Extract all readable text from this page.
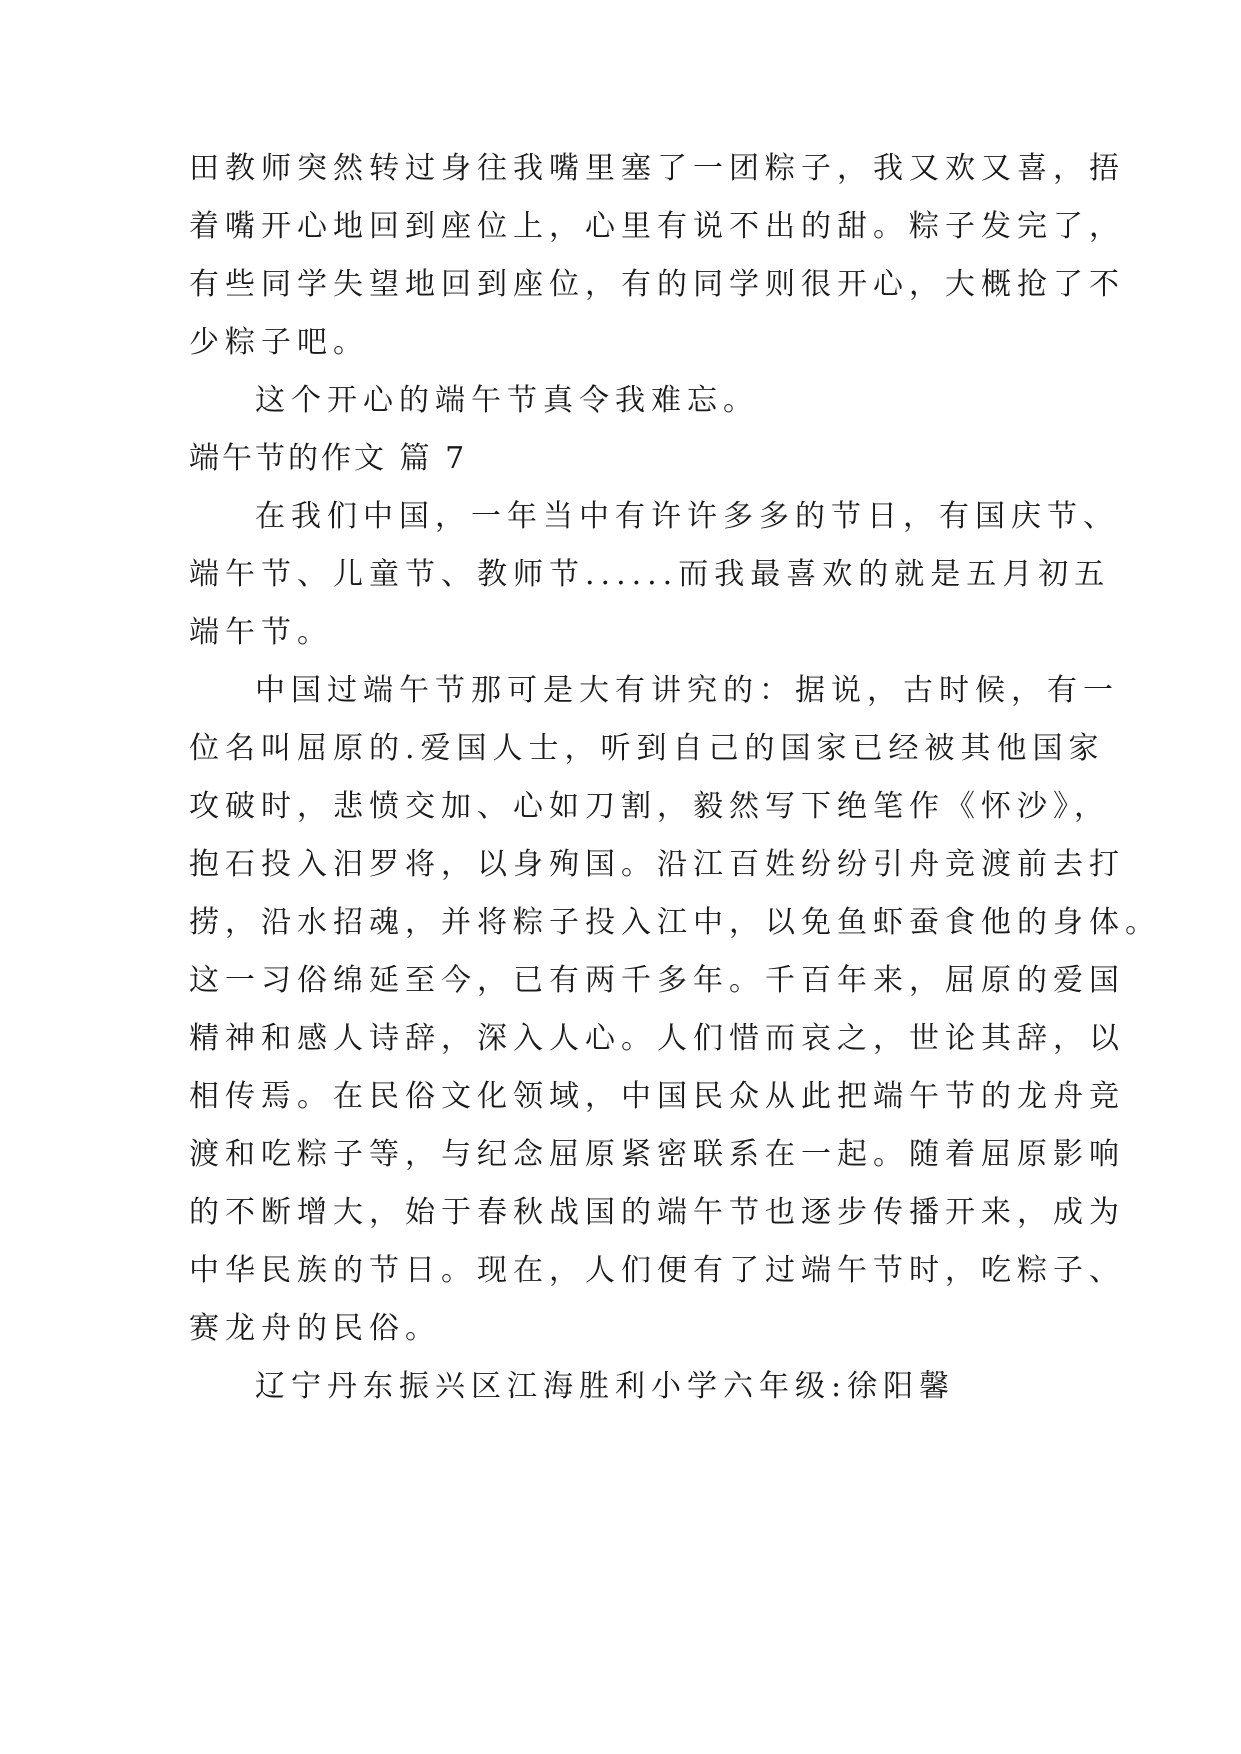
田教师突然转过身往我嘴里塞了一团粽子，我又欢又喜，捂
着嘴开心地回到座位上，心里有说不出的甜。粽子发完了，
有些同学失望地回到座位，有的同学则很开心，大概抢了不
少粽子吧。
这个开心的端午节真令我难忘。
端午节的作文 篇 7
在我们中国，一年当中有许许多多的节日，有国庆节、
端午节、儿童节、教师节......而我最喜欢的就是五月初五
端午节。
中国过端午节那可是大有讲究的：据说，古时候，有一
位名叫屈原的.爱国人士，听到自己的国家已经被其他国家
攻破时，悲愤交加、心如刀割，毅然写下绝笔作《怀沙》，
抱石投入汨罗将，以身殉国。沿江百姓纷纷引舟竞渡前去打
捞，沿水招魂，并将粽子投入江中，以免鱼虾蚕食他的身体。
这一习俗绵延至今，已有两千多年。千百年来，屈原的爱国
精神和感人诗辞，深入人心。人们惜而哀之，世论其辞，以
相传焉。在民俗文化领域，中国民众从此把端午节的龙舟竞
渡和吃粽子等，与纪念屈原紧密联系在一起。随着屈原影响
的不断增大，始于春秋战国的端午节也逐步传播开来，成为
中华民族的节日。现在，人们便有了过端午节时，吃粽子、
赛龙舟的民俗。
辽宁丹东振兴区江海胜利小学六年级:徐阳馨
